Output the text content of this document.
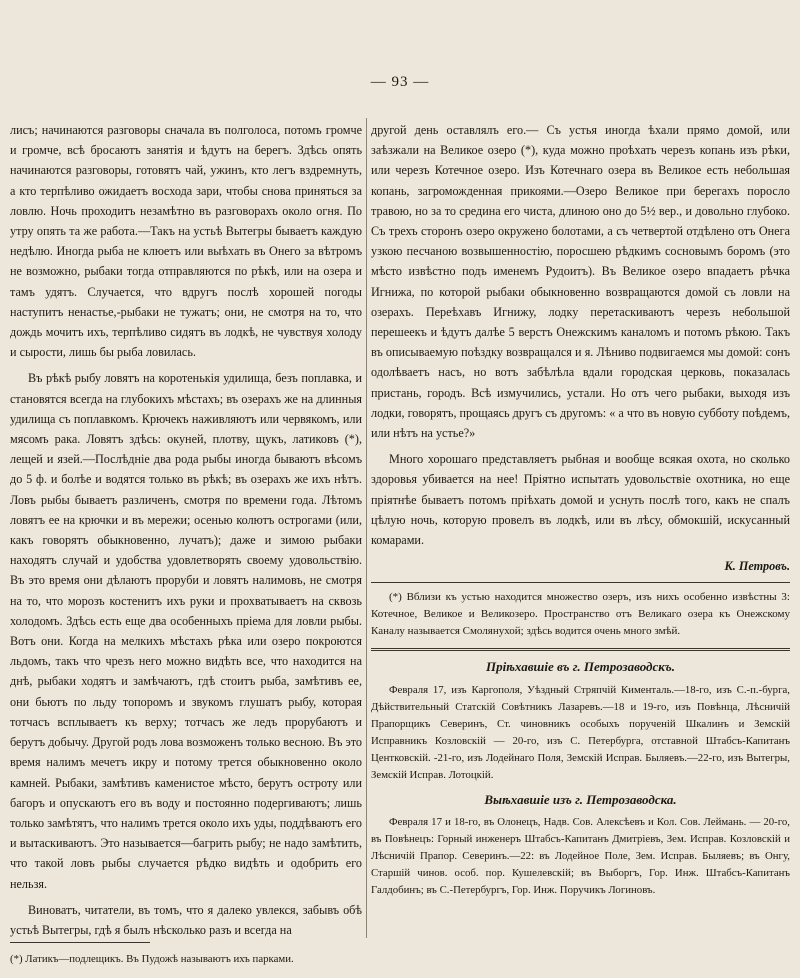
— 93 —

лисъ; начинаются разговоры сначала въ полголоса, потомъ громче и громче, всѣ бросаютъ занятія и ѣдутъ на берегъ. Здѣсь опять начинаются разговоры, готовятъ чай, ужинъ, кто легъ вздремнуть, а кто терпѣливо ожидаетъ восхода зари, чтобы снова приняться за ловлю. Ночь проходитъ незамѣтно въ разговорахъ около огня. По утру опять та же работа.—Такъ на устьѣ Вытегры бываетъ каждую недѣлю. Иногда рыба не клюетъ или выѣхать въ Онего за вѣтромъ не возможно, рыбаки тогда отправляются по рѣкѣ, или на озера и тамъ удятъ. Случается, что вдругъ послѣ хорошей погоды наступитъ ненастье,-рыбаки не тужатъ; они, не смотря на то, что дождь мочитъ ихъ, терпѣливо сидятъ въ лодкѣ, не чувствуя холоду и сырости, лишь бы рыба ловилась.

Въ рѣкѣ рыбу ловятъ на коротенькія удилища, безъ поплавка, и становятся всегда на глубокихъ мѣстахъ; въ озерахъ же на длинныя удилища съ поплавкомъ. Крючекъ наживляютъ или червякомъ, или мясомъ рака. Ловятъ здѣсь: окуней, плотву, щукъ, латиковъ (*), лещей и язей.—Послѣдніе два рода рыбы иногда бываютъ вѣсомъ до 5 ф. и болѣе и водятся только въ рѣкѣ; въ озерахъ же ихъ нѣтъ. Ловъ рыбы бываетъ различенъ, смотря по времени года. Лѣтомъ ловятъ ее на крючки и въ мережи; осенью колютъ острогами (или, какъ говорятъ обыкновенно, лучатъ); даже и зимою рыбаки находятъ случай и удобства удовлетворять своему удовольствію. Въ это время они дѣлаютъ проруби и ловятъ налимовъ, не смотря на то, что морозъ костенитъ ихъ руки и прохватываетъ на сквозь холодомъ. Здѣсь есть еще два особенныхъ пріема для ловли рыбы. Вотъ они. Когда на мелкихъ мѣстахъ рѣка или озеро покроются льдомъ, такъ что чрезъ него можно видѣть все, что находится на днѣ, рыбаки ходятъ и замѣчаютъ, гдѣ стоитъ рыба, замѣтивъ ее, они бьютъ по льду топоромъ и звукомъ глушатъ рыбу, которая тотчасъ всплываетъ къ верху; тотчасъ же ледъ прорубаютъ и берутъ добычу. Другой родъ лова возможенъ только весною. Въ это время налимъ мечетъ икру и потому трется обыкновенно около камней. Рыбаки, замѣтивъ каменистое мѣсто, берутъ остроту или багоръ и опускаютъ его въ воду и постоянно подергиваютъ; лишь только замѣтятъ, что налимъ трется около ихъ уды, поддѣваютъ его и вытаскиваютъ. Это называется—багрить рыбу; не надо замѣтить, что такой ловъ рыбы случается рѣдко видѣть и одобрить его нельзя.

Виноватъ, читатели, въ томъ, что я далеко увлекся, забывъ обѣ устьѣ Вытегры, гдѣ я былъ нѣсколько разъ и всегда на

(*) Латикъ—подлещикъ. Въ Пудожѣ называютъ ихъ парками.

другой день оставлялъ его.— Съ устья иногда ѣхали прямо домой, или заѣзжали на Великое озеро (*), куда можно проѣхать черезъ копань изъ рѣки, или черезъ Котечное озеро. Изъ Котечнаго озера въ Великое есть небольшая копань, загроможденная прикоями.—Озеро Великое при берегахъ поросло травою, но за то средина его чиста, длиною оно до 5½ вер., и довольно глубоко. Съ трехъ сторонъ озеро окружено болотами, а съ четвертой отдѣлено отъ Онега узкою песчаною возвышенностію, поросшею рѣдкимъ сосновымъ боромъ (это мѣсто извѣстно подъ именемъ Рудоитъ). Въ Великое озеро впадаетъ рѣчка Игнижа, по которой рыбаки обыкновенно возвращаются домой съ ловли на озерахъ. Переѣхавъ Игнижу, лодку перетаскиваютъ черезъ небольшой перешеекъ и ѣдутъ далѣе 5 верстъ Онежскимъ каналомъ и потомъ рѣкою. Такъ въ описываемую поѣздку возвращался и я. Лѣниво подвигаемся мы домой: сонъ одолѣваетъ насъ, но вотъ забѣлѣла вдали городская церковь, показалась пристань, городъ. Всѣ измучились, устали. Но отъ чего рыбаки, выходя изъ лодки, говорятъ, прощаясь другъ съ другомъ: « а что въ новую субботу поѣдемъ, или нѣтъ на устье?»

Много хорошаго представляетъ рыбная и вообще всякая охота, но сколько здоровья убивается на нее! Пріятно испытать удовольствіе охотника, но еще пріятнѣе бываетъ потомъ пріѣхать домой и уснуть послѣ того, какъ не спалъ цѣлую ночь, которую провелъ въ лодкѣ, или въ лѣсу, обмокшій, искусанный комарами.

К. Петровъ.

(*) Вблизи къ устью находится множество озеръ, изъ нихъ особенно извѣстны 3: Котечное, Великое и Великозеро. Пространство отъ Великаго озера къ Онежскому Каналу называется Смолянухой; здѣсь водится очень много змѣй.

Пріѣхавшіе въ г. Петрозаводскъ.

Февраля 17, изъ Каргополя, Уѣздный Стряпчій Кименталь.—18-го, изъ С.-п.-бурга, Дѣйствительный Статскій Совѣтникъ Лазаревъ.—18 и 19-го, изъ Повѣнца, Лѣсничій Прапорщикъ Северинъ, Ст. чиновникъ особыхъ порученій Шкалинъ и Земскій Исправникъ Козловскій — 20-го, изъ С. Петербурга, отставной Штабсъ-Капитанъ Центковскій. -21-го, изъ Лодейнаго Поля, Земскій Исправ. Быляевъ.—22-го, изъ Вытегры, Земскій Исправ. Лотоцкій.

Выѣхавшіе изъ г. Петрозаводска.

Февраля 17 и 18-го, въ Олонецъ, Надв. Сов. Алексѣевъ и Кол. Сов. Леймань. — 20-го, въ Повѣнецъ: Горный инженеръ Штабсъ-Капитанъ Дмитріевъ, Зем. Исправ. Козловскій и Лѣсничій Прапор. Северинъ.—22: въ Лодейное Поле, Зем. Исправ. Быляевъ; въ Онгу, Старшій чинов. особ. пор. Кушелевскій; въ Выборгъ, Гор. Инж. Штабсъ-Капитанъ Галдобинъ; въ С.-Петербургъ, Гор. Инж. Поручикъ Логиновъ.
